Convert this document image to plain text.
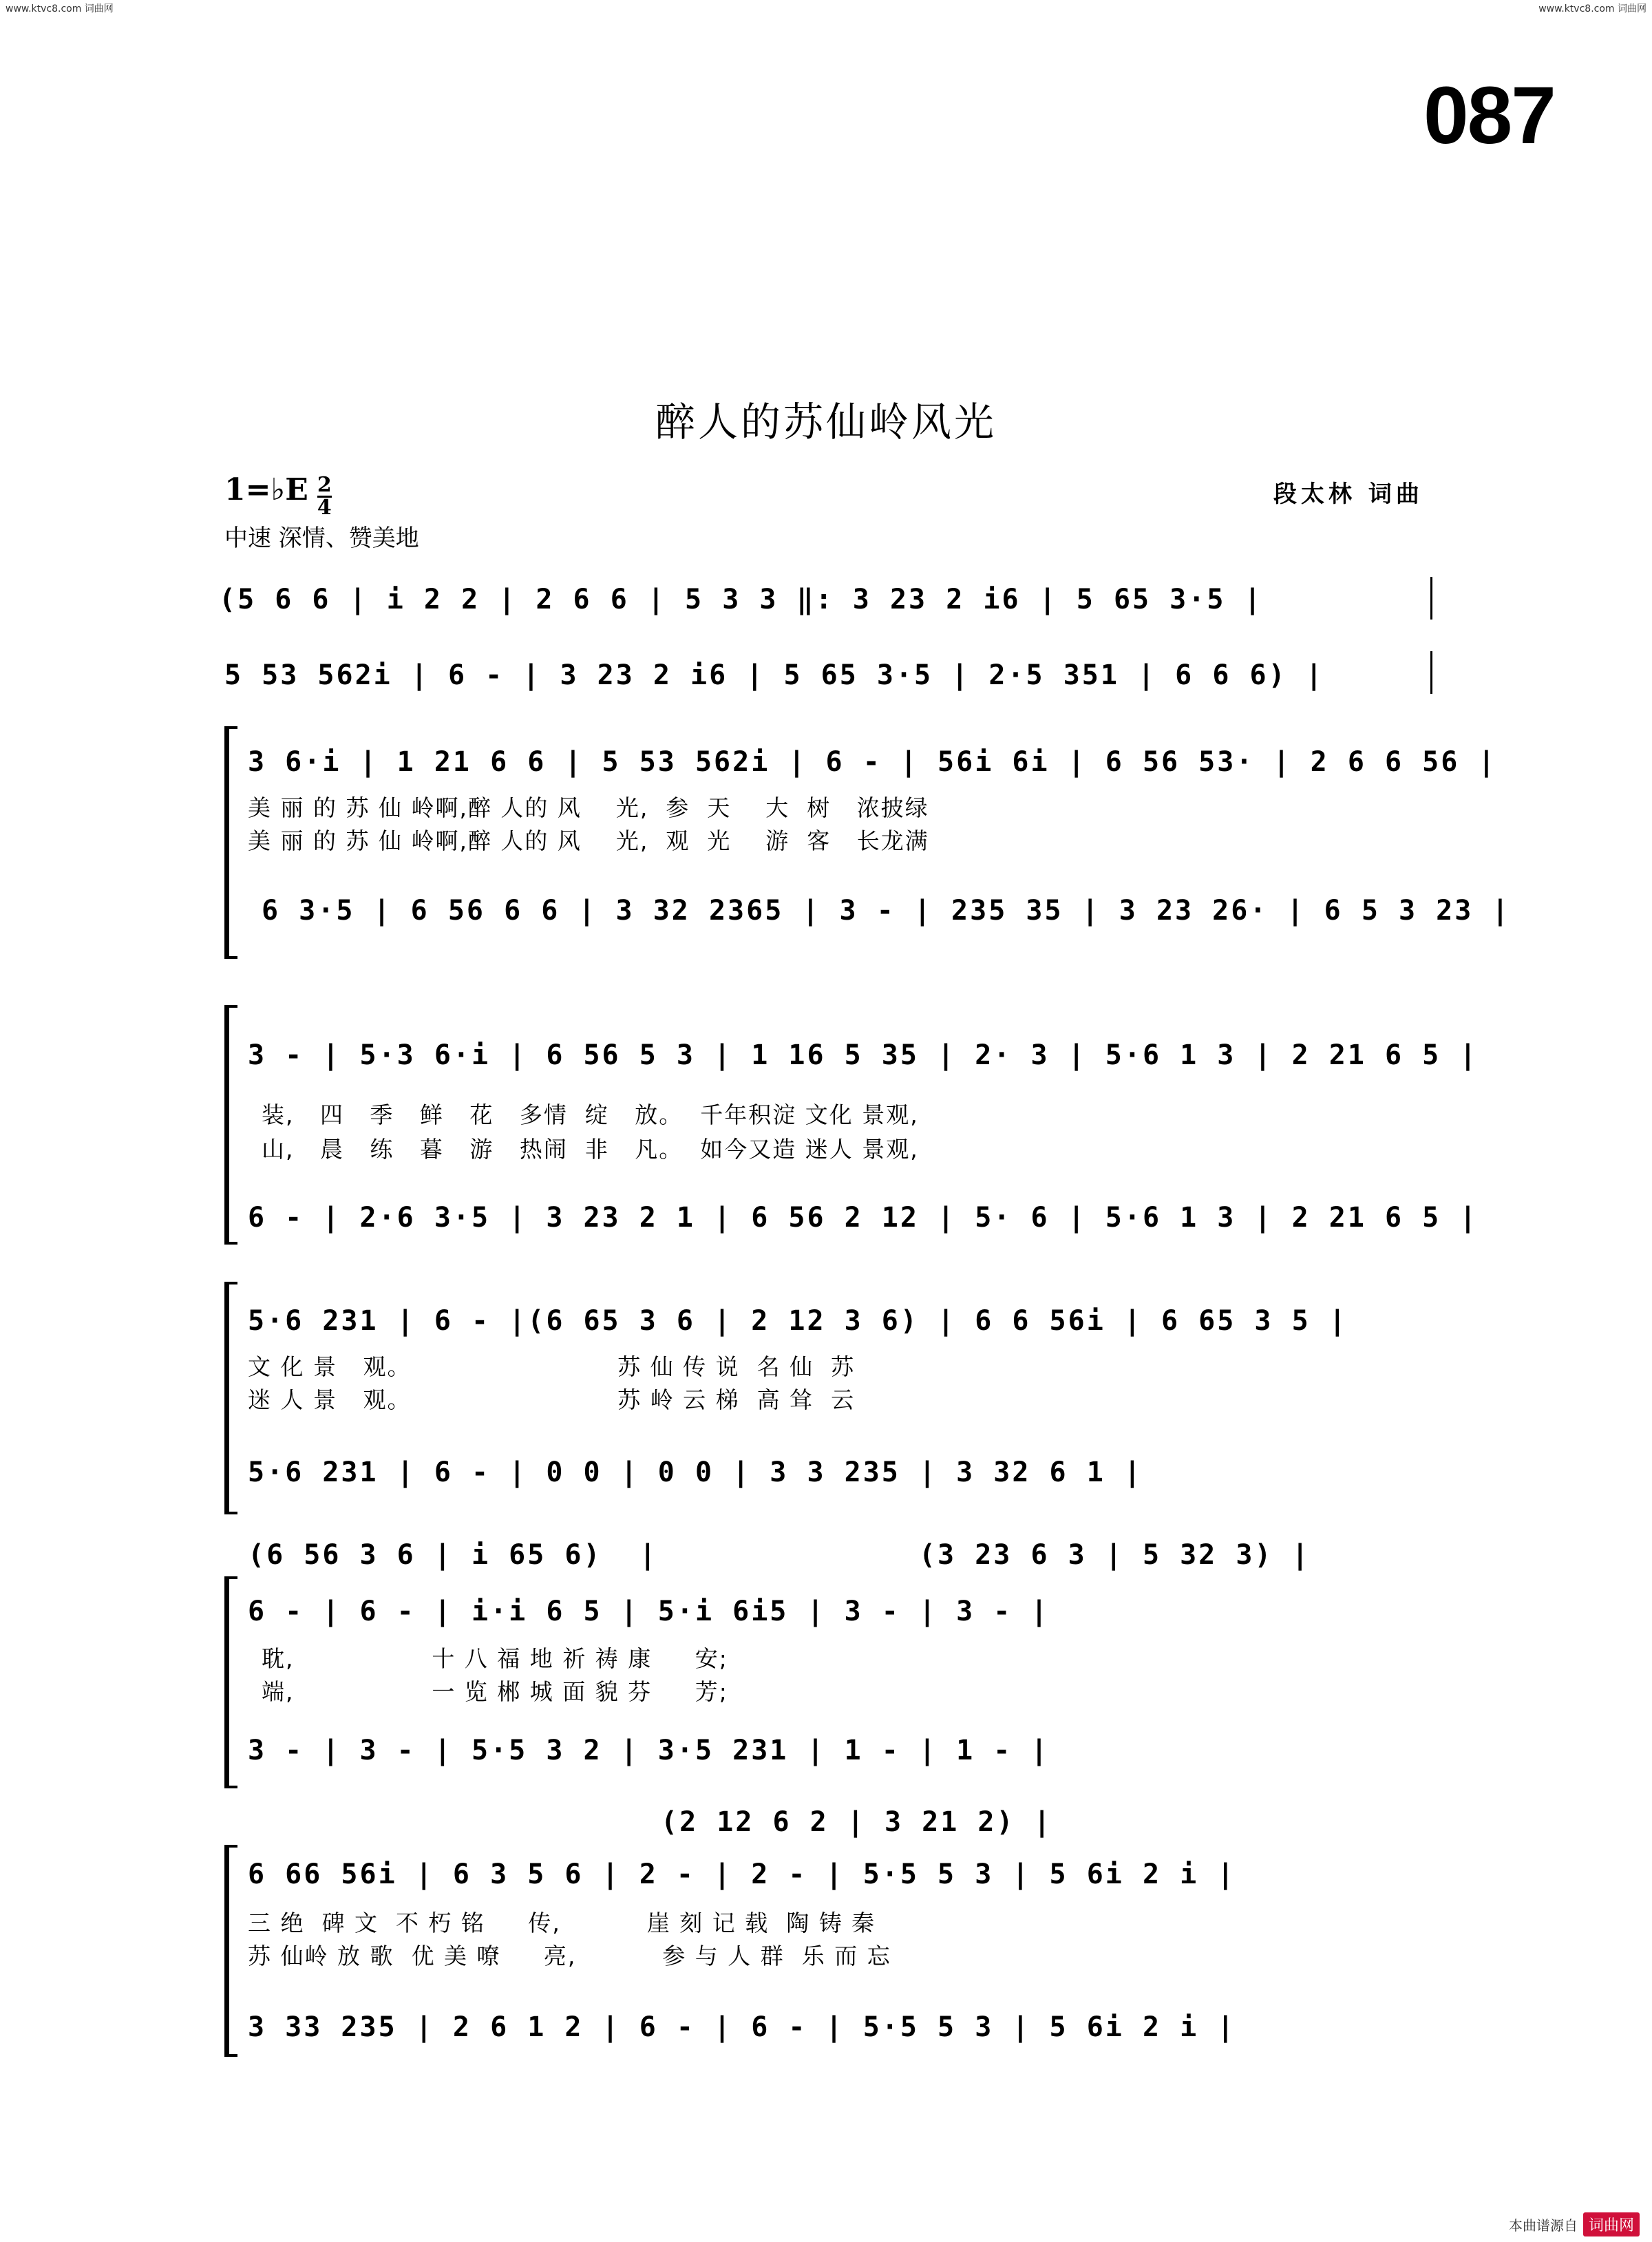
www.ktvc8.com 词曲网	www.ktvc8.com 词曲网
087
醉人的苏仙岭风光
1=♭E $\frac{2}{4}$
中速 深情、赞美地
段太林 词曲
(5 6 6 | i 2 2 | 2 6 6 | 5 3 3 ‖: 3 23 2 i6 | 5 65 3·5 |
5 53 562i | 6 - | 3 23 2 i6 | 5 65 3·5 | 2·5 351 | 6 6 6) |
3 6·i | 1 21 6 6 | 5 53 562i | 6 - | 56i 6i | 6 56 53· | 2 6 6 56 |
美 丽 的 苏 仙 岭啊,醉 人的 风    光,  参  天    大  树   浓披绿
美 丽 的 苏 仙 岭啊,醉 人的 风    光,  观  光    游  客   长龙满
6 3·5 | 6 56 6 6 | 3 32 2365 | 3 - | 235 35 | 3 23 26· | 6 5 3 23 |
3 - | 5·3 6·i | 6 56 5 3 | 1 16 5 35 | 2· 3 | 5·6 1 3 | 2 21 6 5 |
装,   四   季   鲜   花   多情  绽   放。  千年积淀 文化 景观,
山,   晨   练   暮   游   热闹  非   凡。  如今又造 迷人 景观,
6 - | 2·6 3·5 | 3 23 2 1 | 6 56 2 12 | 5· 6 | 5·6 1 3 | 2 21 6 5 |
5·6 231 | 6 - |(6 65 3 6 | 2 12 3 6) | 6 6 56i | 6 65 3 5 |
文 化 景   观。                        苏 仙 传 说  名 仙  苏
迷 人 景   观。                        苏 岭 云 梯  高 耸  云
5·6 231 | 6 - | 0 0 | 0 0 | 3 3 235 | 3 32 6 1 |
(6 56 3 6 | i 65 6)  |              (3 23 6 3 | 5 32 3) |
6 - | 6 - | i·i 6 5 | 5·i 6i5 | 3 - | 3 - |
耽,                十 八 福 地 祈 祷 康     安;
端,                一 览 郴 城 面 貌 芬     芳;
3 - | 3 - | 5·5 3 2 | 3·5 231 | 1 - | 1 - |
(2 12 6 2 | 3 21 2) |
6 66 56i | 6 3 5 6 | 2 - | 2 - | 5·5 5 3 | 5 6i 2 i |
三 绝  碑 文  不 朽 铭     传,          崖 刻 记 载  陶 铸 秦
苏 仙岭 放 歌  优 美 嘹     亮,          参 与 人 群  乐 而 忘
3 33 235 | 2 6 1 2 | 6 - | 6 - | 5·5 5 3 | 5 6i 2 i |
本曲谱源自 词曲网
